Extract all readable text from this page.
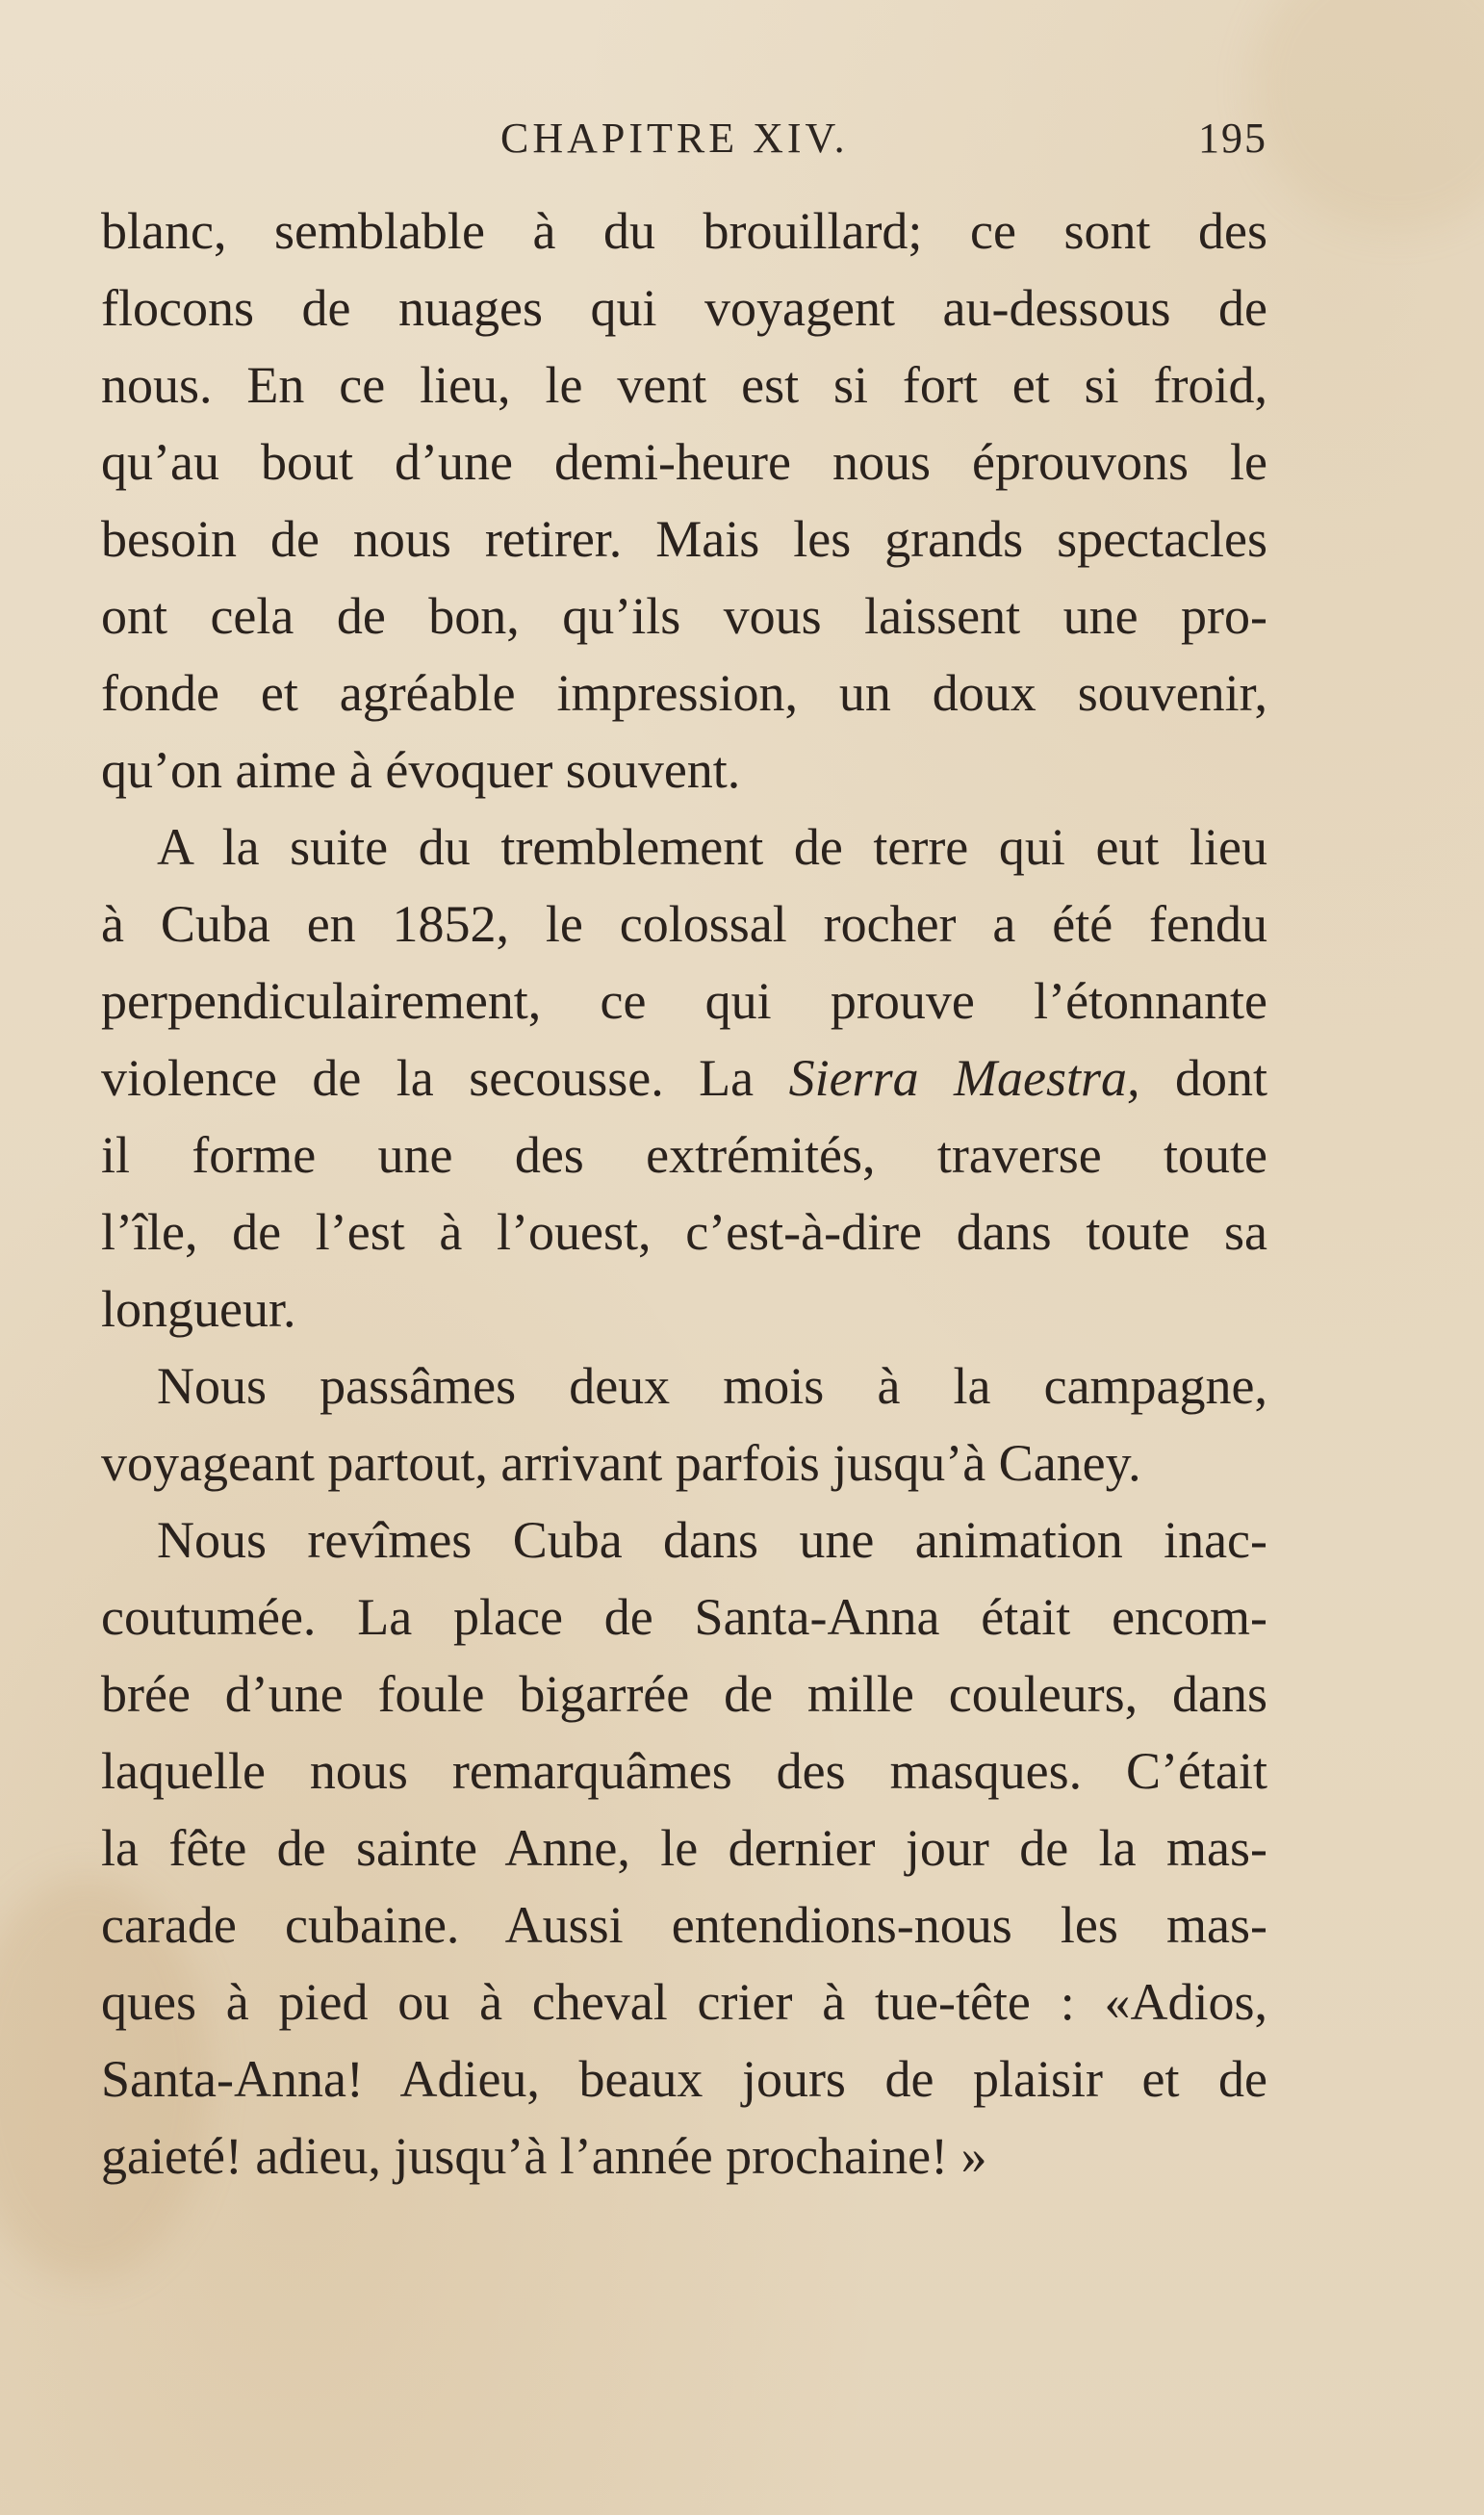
CHAPITRE XIV.	195
blanc, semblable à du brouillard; ce sont des
flocons de nuages qui voyagent au-dessous de
nous. En ce lieu, le vent est si fort et si froid,
qu’au bout d’une demi-heure nous éprouvons le
besoin de nous retirer. Mais les grands spectacles
ont cela de bon, qu’ils vous laissent une pro-
fonde et agréable impression, un doux souvenir,
qu’on aime à évoquer souvent.
A la suite du tremblement de terre qui eut lieu
à Cuba en 1852, le colossal rocher a été fendu
perpendiculairement, ce qui prouve l’étonnante
violence de la secousse. La Sierra Maestra, dont
il forme une des extrémités, traverse toute
l’île, de l’est à l’ouest, c’est-à-dire dans toute sa
longueur.
Nous passâmes deux mois à la campagne,
voyageant partout, arrivant parfois jusqu’à Caney.
Nous revîmes Cuba dans une animation inac-
coutumée. La place de Santa-Anna était encom-
brée d’une foule bigarrée de mille couleurs, dans
laquelle nous remarquâmes des masques. C’était
la fête de sainte Anne, le dernier jour de la mas-
carade cubaine. Aussi entendions-nous les mas-
ques à pied ou à cheval crier à tue-tête : «Adios,
Santa-Anna! Adieu, beaux jours de plaisir et de
gaieté! adieu, jusqu’à l’année prochaine! »
